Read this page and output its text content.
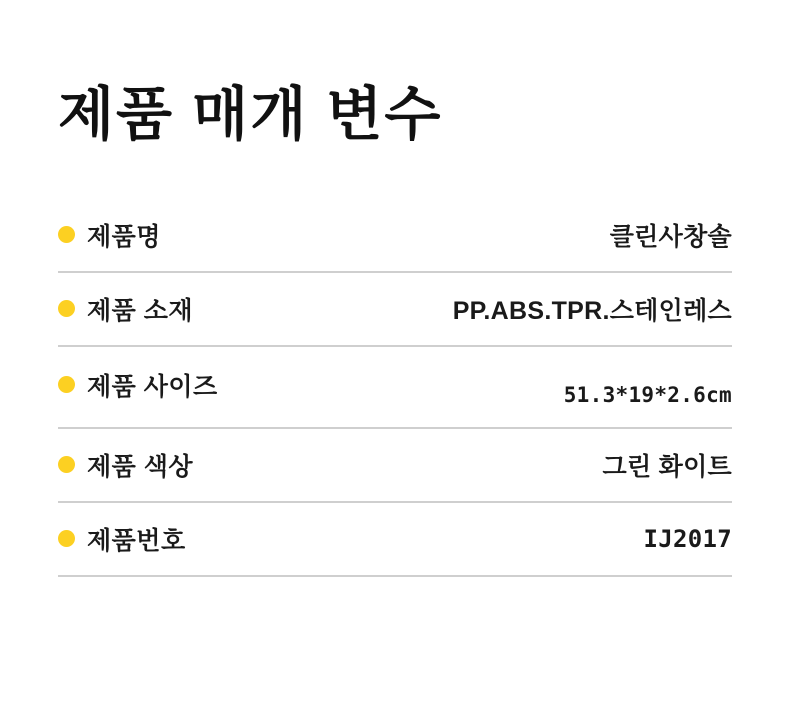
제품 매개 변수
제품명	클린사창솔
제품 소재	PP.ABS.TPR.스테인레스
제품 사이즈	51.3*19*2.6cm
제품 색상	그린 화이트
제품번호	IJ2017
